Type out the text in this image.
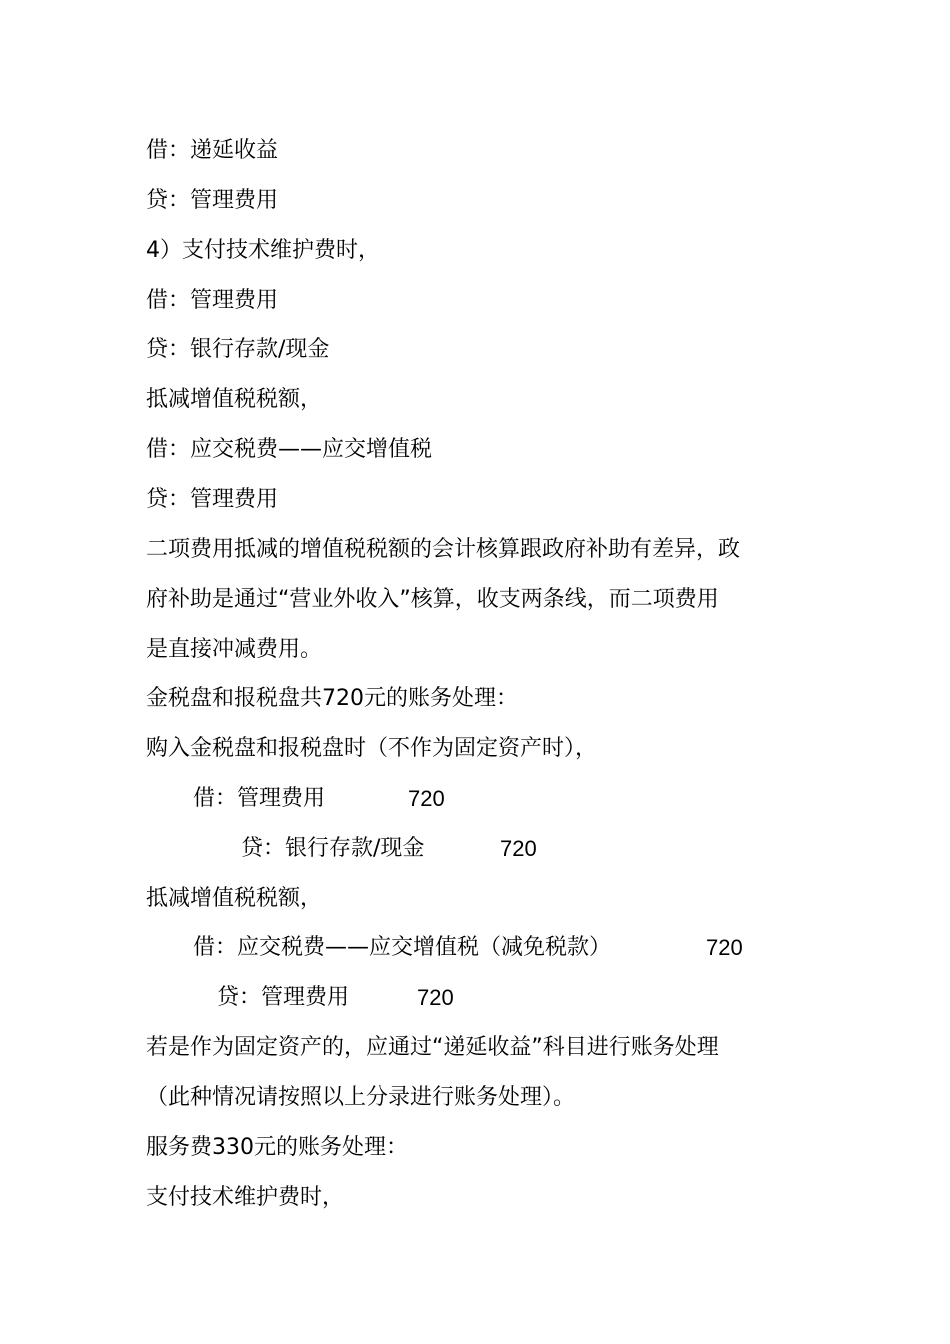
借：递延收益
贷：管理费用
4）支付技术维护费时，
借：管理费用
贷：银行存款/现金
抵减增值税税额，
借：应交税费——应交增值税
贷：管理费用
二项费用抵减的增值税税额的会计核算跟政府补助有差异，政
府补助是通过“营业外收入”核算，收支两条线，而二项费用
是直接冲减费用。
金税盘和报税盘共720元的账务处理：
购入金税盘和报税盘时（不作为固定资产时），
借：管理费用	720
贷：银行存款/现金	720
抵减增值税税额，
借：应交税费——应交增值税（减免税款）	720
贷：管理费用	720
若是作为固定资产的，应通过“递延收益”科目进行账务处理
（此种情况请按照以上分录进行账务处理）。
服务费330元的账务处理：
支付技术维护费时，
